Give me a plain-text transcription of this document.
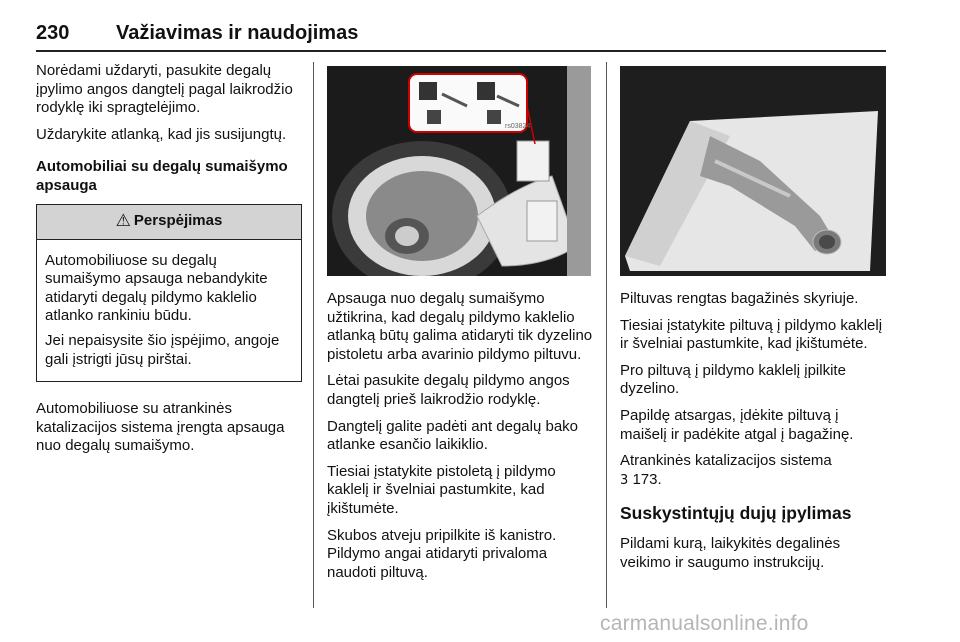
230 Važiavimas ir naudojimas

Norėdami uždaryti, pasukite degalų įpylimo angos dangtelį pagal laikrodžio rodyklę iki spragtelėjimo.

Uždarykite atlanką, kad jis susijungtų.

Automobiliai su degalų sumaišymo apsauga
⚠ Perspėjimas

Automobiliuose su degalų sumaišymo apsauga nebandykite atidaryti degalų pildymo kaklelio atlanko rankiniu būdu.

Jei nepaisysite šio įspėjimo, angoje gali įstrigti jūsų pirštai.

Automobiliuose su atrankinės katalizacijos sistema įrengta apsauga nuo degalų sumaišymo.

rs03824

Apsauga nuo degalų sumaišymo užtikrina, kad degalų pildymo kaklelio atlanką būtų galima atidaryti tik dyzelino pistoletu arba avarinio pildymo piltuvu.

Lėtai pasukite degalų pildymo angos dangtelį prieš laikrodžio rodyklę.

Dangtelį galite padėti ant degalų bako atlanke esančio laikiklio.

Tiesiai įstatykite pistoletą į pildymo kaklelį ir švelniai pastumkite, kad įkištumėte.

Skubos atveju pripilkite iš kanistro. Pildymo angai atidaryti privaloma naudoti piltuvą.

Piltuvas rengtas bagažinės skyriuje.

Tiesiai įstatykite piltuvą į pildymo kaklelį ir švelniai pastumkite, kad įkištumėte.

Pro piltuvą į pildymo kaklelį įpilkite dyzelino.

Papildę atsargas, įdėkite piltuvą į maišelį ir padėkite atgal į bagažinę.

Atrankinės katalizacijos sistema

3 173.

Suskystintųjų dujų įpylimas

Pildami kurą, laikykitės degalinės veikimo ir saugumo instrukcijų.

carmanualsonline.info
